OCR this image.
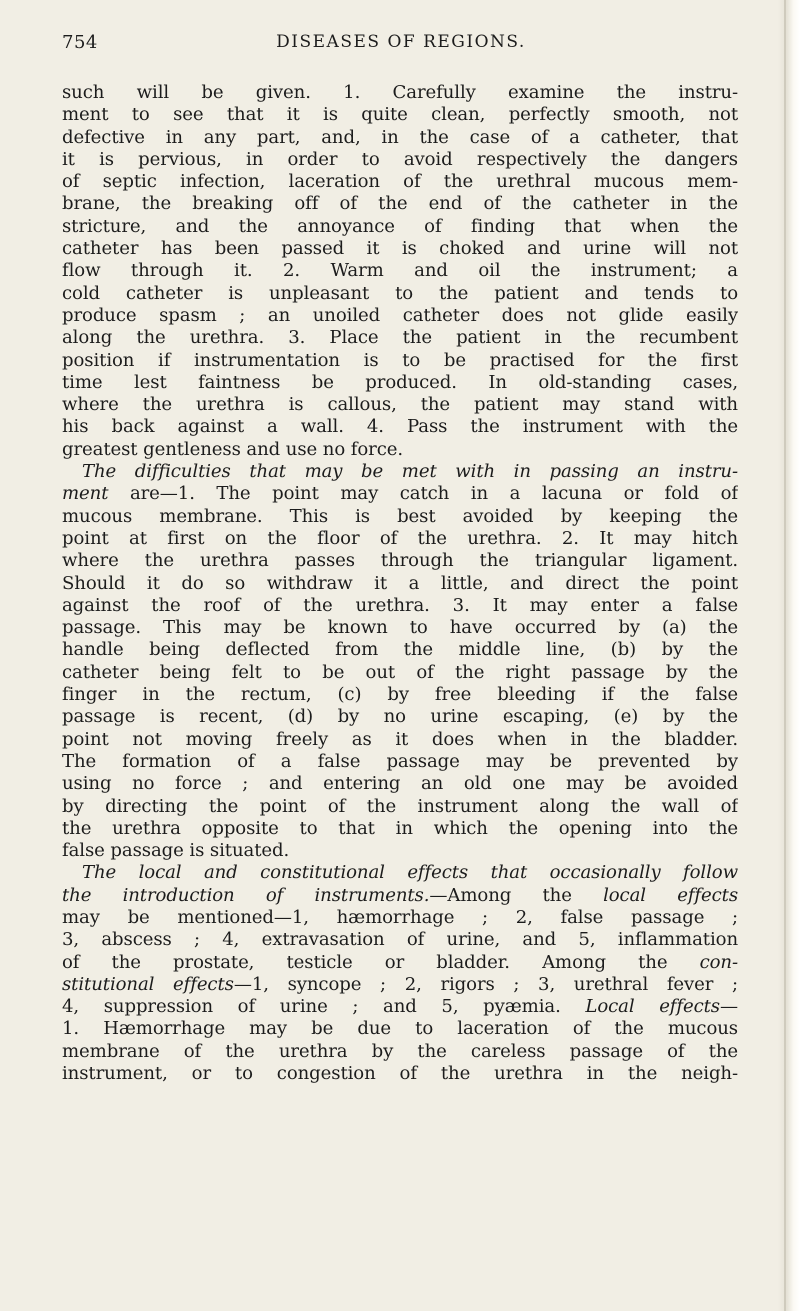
754	DISEASES OF REGIONS.
such will be given. 1. Carefully examine the instru-
ment to see that it is quite clean, perfectly smooth, not
defective in any part, and, in the case of a catheter, that
it is pervious, in order to avoid respectively the dangers
of septic infection, laceration of the urethral mucous mem-
brane, the breaking off of the end of the catheter in the
stricture, and the annoyance of finding that when the
catheter has been passed it is choked and urine will not
flow through it. 2. Warm and oil the instrument; a
cold catheter is unpleasant to the patient and tends to
produce spasm ; an unoiled catheter does not glide easily
along the urethra. 3. Place the patient in the recumbent
position if instrumentation is to be practised for the first
time lest faintness be produced. In old-standing cases,
where the urethra is callous, the patient may stand with
his back against a wall. 4. Pass the instrument with the
greatest gentleness and use no force.
The difficulties that may be met with in passing an instru-
ment are—1. The point may catch in a lacuna or fold of
mucous membrane. This is best avoided by keeping the
point at first on the floor of the urethra. 2. It may hitch
where the urethra passes through the triangular ligament.
Should it do so withdraw it a little, and direct the point
against the roof of the urethra. 3. It may enter a false
passage. This may be known to have occurred by (a) the
handle being deflected from the middle line, (b) by the
catheter being felt to be out of the right passage by the
finger in the rectum, (c) by free bleeding if the false
passage is recent, (d) by no urine escaping, (e) by the
point not moving freely as it does when in the bladder.
The formation of a false passage may be prevented by
using no force ; and entering an old one may be avoided
by directing the point of the instrument along the wall of
the urethra opposite to that in which the opening into the
false passage is situated.
The local and constitutional effects that occasionally follow
the introduction of instruments.—Among the local effects
may be mentioned—1, hæmorrhage ; 2, false passage ;
3, abscess ; 4, extravasation of urine, and 5, inflammation
of the prostate, testicle or bladder. Among the con-
stitutional effects—1, syncope ; 2, rigors ; 3, urethral fever ;
4, suppression of urine ; and 5, pyæmia. Local effects—
1. Hæmorrhage may be due to laceration of the mucous
membrane of the urethra by the careless passage of the
instrument, or to congestion of the urethra in the neigh-
